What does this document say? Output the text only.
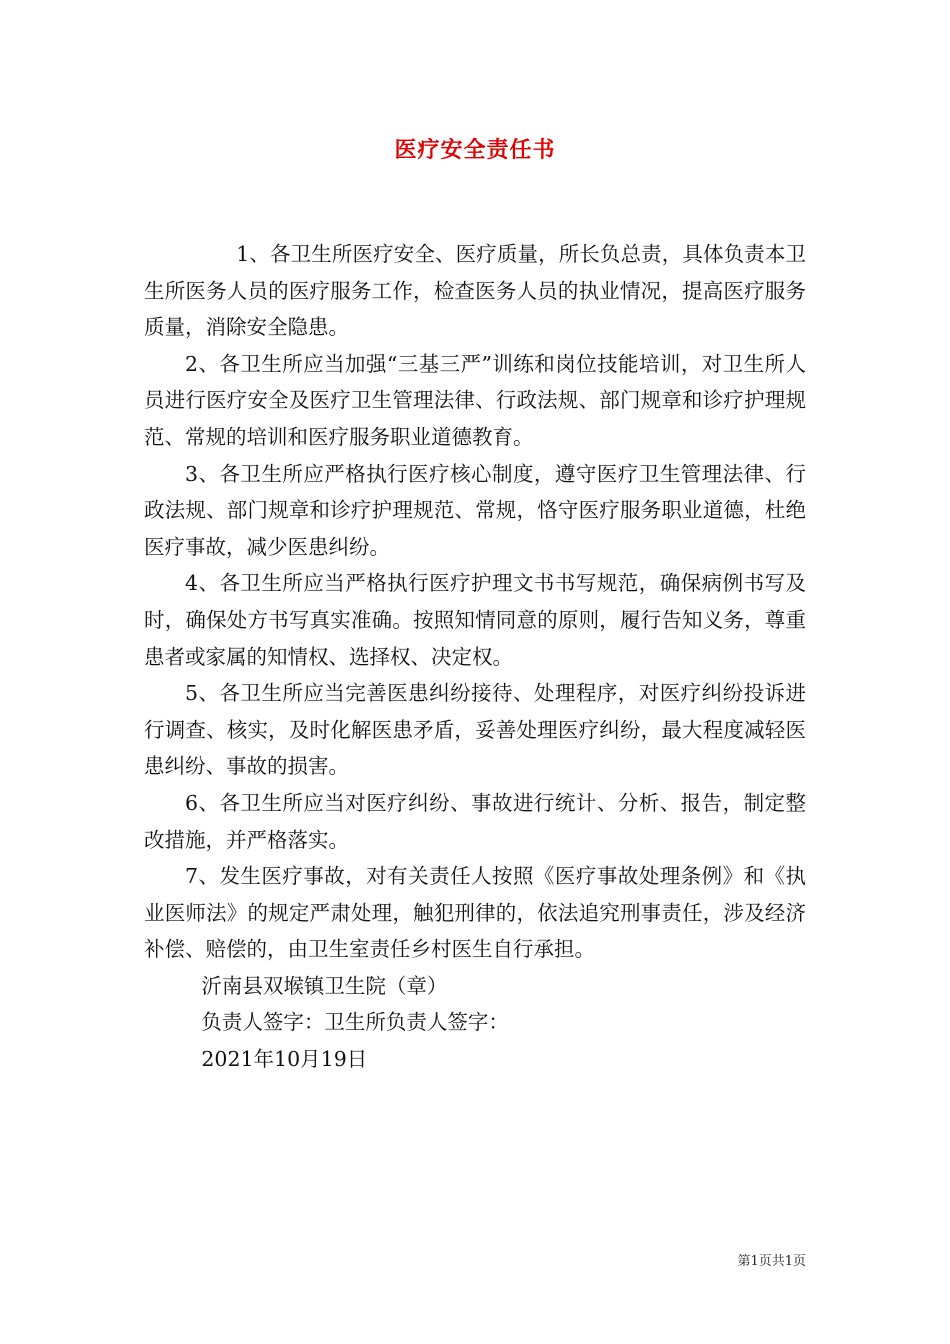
医疗安全责任书

1、各卫生所医疗安全、医疗质量，所长负总责，具体负责本卫生所医务人员的医疗服务工作，检查医务人员的执业情况，提高医疗服务质量，消除安全隐患。

2、各卫生所应当加强“三基三严”训练和岗位技能培训，对卫生所人员进行医疗安全及医疗卫生管理法律、行政法规、部门规章和诊疗护理规范、常规的培训和医疗服务职业道德教育。

3、各卫生所应严格执行医疗核心制度，遵守医疗卫生管理法律、行政法规、部门规章和诊疗护理规范、常规，恪守医疗服务职业道德，杜绝医疗事故，减少医患纠纷。

4、各卫生所应当严格执行医疗护理文书书写规范，确保病例书写及时，确保处方书写真实准确。按照知情同意的原则，履行告知义务，尊重患者或家属的知情权、选择权、决定权。

5、各卫生所应当完善医患纠纷接待、处理程序，对医疗纠纷投诉进行调查、核实，及时化解医患矛盾，妥善处理医疗纠纷，最大程度减轻医患纠纷、事故的损害。

6、各卫生所应当对医疗纠纷、事故进行统计、分析、报告，制定整改措施，并严格落实。

7、发生医疗事故，对有关责任人按照《医疗事故处理条例》和《执业医师法》的规定严肃处理，触犯刑律的，依法追究刑事责任，涉及经济补偿、赔偿的，由卫生室责任乡村医生自行承担。

沂南县双堠镇卫生院（章）

负责人签字：卫生所负责人签字：

2021年10月19日

第1页共1页
